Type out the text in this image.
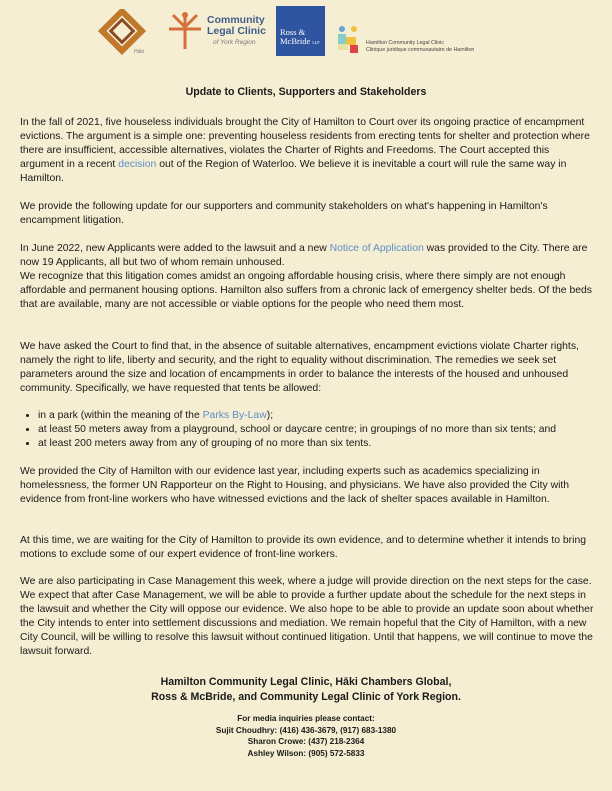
Hāki
Community
Legal Clinic
of York Region
Ross &
McBride LLP	Hamilton Community Legal Clinic
Clinique juridique communautaire de Hamilton
Update to Clients, Supporters and Stakeholders

In the fall of 2021, five houseless individuals brought the City of Hamilton to Court over its ongoing practice of encampment evictions. The argument is a simple one: preventing houseless residents from erecting tents for shelter and protection where there are insufficient, accessible alternatives, violates the Charter of Rights and Freedoms. The Court accepted this argument in a recent decision out of the Region of Waterloo. We believe it is inevitable a court will rule the same way in Hamilton.

We provide the following update for our supporters and community stakeholders on what's happening in Hamilton's encampment litigation.

In June 2022, new Applicants were added to the lawsuit and a new Notice of Application was provided to the City. There are now 19 Applicants, all but two of whom remain unhoused.

We recognize that this litigation comes amidst an ongoing affordable housing crisis, where there simply are not enough affordable and permanent housing options. Hamilton also suffers from a chronic lack of emergency shelter beds. Of the beds that are available, many are not accessible or viable options for the people who need them most.

We have asked the Court to find that, in the absence of suitable alternatives, encampment evictions violate Charter rights, namely the right to life, liberty and security, and the right to equality without discrimination. The remedies we seek set parameters around the size and location of encampments in order to balance the interests of the housed and unhoused community. Specifically, we have requested that tents be allowed:

• in a park (within the meaning of the Parks By-Law);
• at least 50 meters away from a playground, school or daycare centre; in groupings of no more than six tents; and
• at least 200 meters away from any of grouping of no more than six tents.

We provided the City of Hamilton with our evidence last year, including experts such as academics specializing in homelessness, the former UN Rapporteur on the Right to Housing, and physicians. We have also provided the City with evidence from front-line workers who have witnessed evictions and the lack of shelter spaces available in Hamilton.

At this time, we are waiting for the City of Hamilton to provide its own evidence, and to determine whether it intends to bring motions to exclude some of our expert evidence of front-line workers.

We are also participating in Case Management this week, where a judge will provide direction on the next steps for the case. We expect that after Case Management, we will be able to provide a further update about the schedule for the next steps in the lawsuit and whether the City will oppose our evidence. We also hope to be able to provide an update soon about whether the City intends to enter into settlement discussions and mediation. We remain hopeful that the City of Hamilton, with a new City Council, will be willing to resolve this lawsuit without continued litigation. Until that happens, we will continue to move the lawsuit forward.

Hamilton Community Legal Clinic, Hāki Chambers Global,
Ross & McBride, and Community Legal Clinic of York Region.
For media inquiries please contact:
Sujit Choudhry: (416) 436-3679, (917) 683-1380
Sharon Crowe: (437) 218-2364
Ashley Wilson: (905) 572-5833
